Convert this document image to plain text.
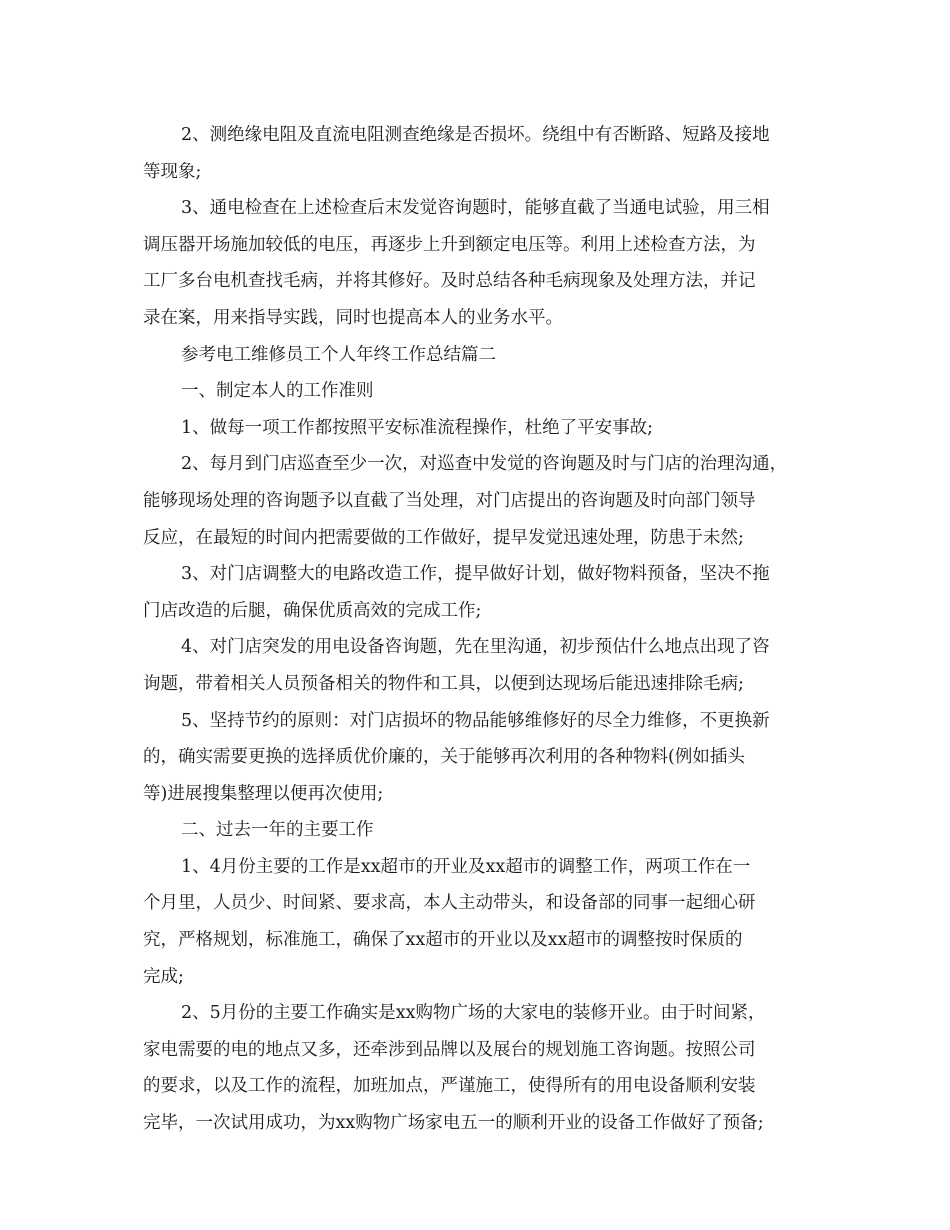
2、测绝缘电阻及直流电阻测查绝缘是否损坏。绕组中有否断路、短路及接地
等现象;
3、通电检查在上述检查后末发觉咨询题时，能够直截了当通电试验，用三相
调压器开场施加较低的电压，再逐步上升到额定电压等。利用上述检查方法，为
工厂多台电机查找毛病，并将其修好。及时总结各种毛病现象及处理方法，并记
录在案，用来指导实践，同时也提高本人的业务水平。
参考电工维修员工个人年终工作总结篇二
一、制定本人的工作准则
1、做每一项工作都按照平安标准流程操作，杜绝了平安事故;
2、每月到门店巡查至少一次，对巡查中发觉的咨询题及时与门店的治理沟通，
能够现场处理的咨询题予以直截了当处理，对门店提出的咨询题及时向部门领导
反应，在最短的时间内把需要做的工作做好，提早发觉迅速处理，防患于未然;
3、对门店调整大的电路改造工作，提早做好计划，做好物料预备，坚决不拖
门店改造的后腿，确保优质高效的完成工作;
4、对门店突发的用电设备咨询题，先在里沟通，初步预估什么地点出现了咨
询题，带着相关人员预备相关的物件和工具，以便到达现场后能迅速排除毛病;
5、坚持节约的原则：对门店损坏的物品能够维修好的尽全力维修，不更换新
的，确实需要更换的选择质优价廉的，关于能够再次利用的各种物料(例如插头
等)进展搜集整理以便再次使用;
二、过去一年的主要工作
1、4月份主要的工作是xx超市的开业及xx超市的调整工作，两项工作在一
个月里，人员少、时间紧、要求高，本人主动带头，和设备部的同事一起细心研
究，严格规划，标准施工，确保了xx超市的开业以及xx超市的调整按时保质的
完成;
2、5月份的主要工作确实是xx购物广场的大家电的装修开业。由于时间紧，
家电需要的电的地点又多，还牵涉到品牌以及展台的规划施工咨询题。按照公司
的要求，以及工作的流程，加班加点，严谨施工，使得所有的用电设备顺利安装
完毕，一次试用成功，为xx购物广场家电五一的顺利开业的设备工作做好了预备;
